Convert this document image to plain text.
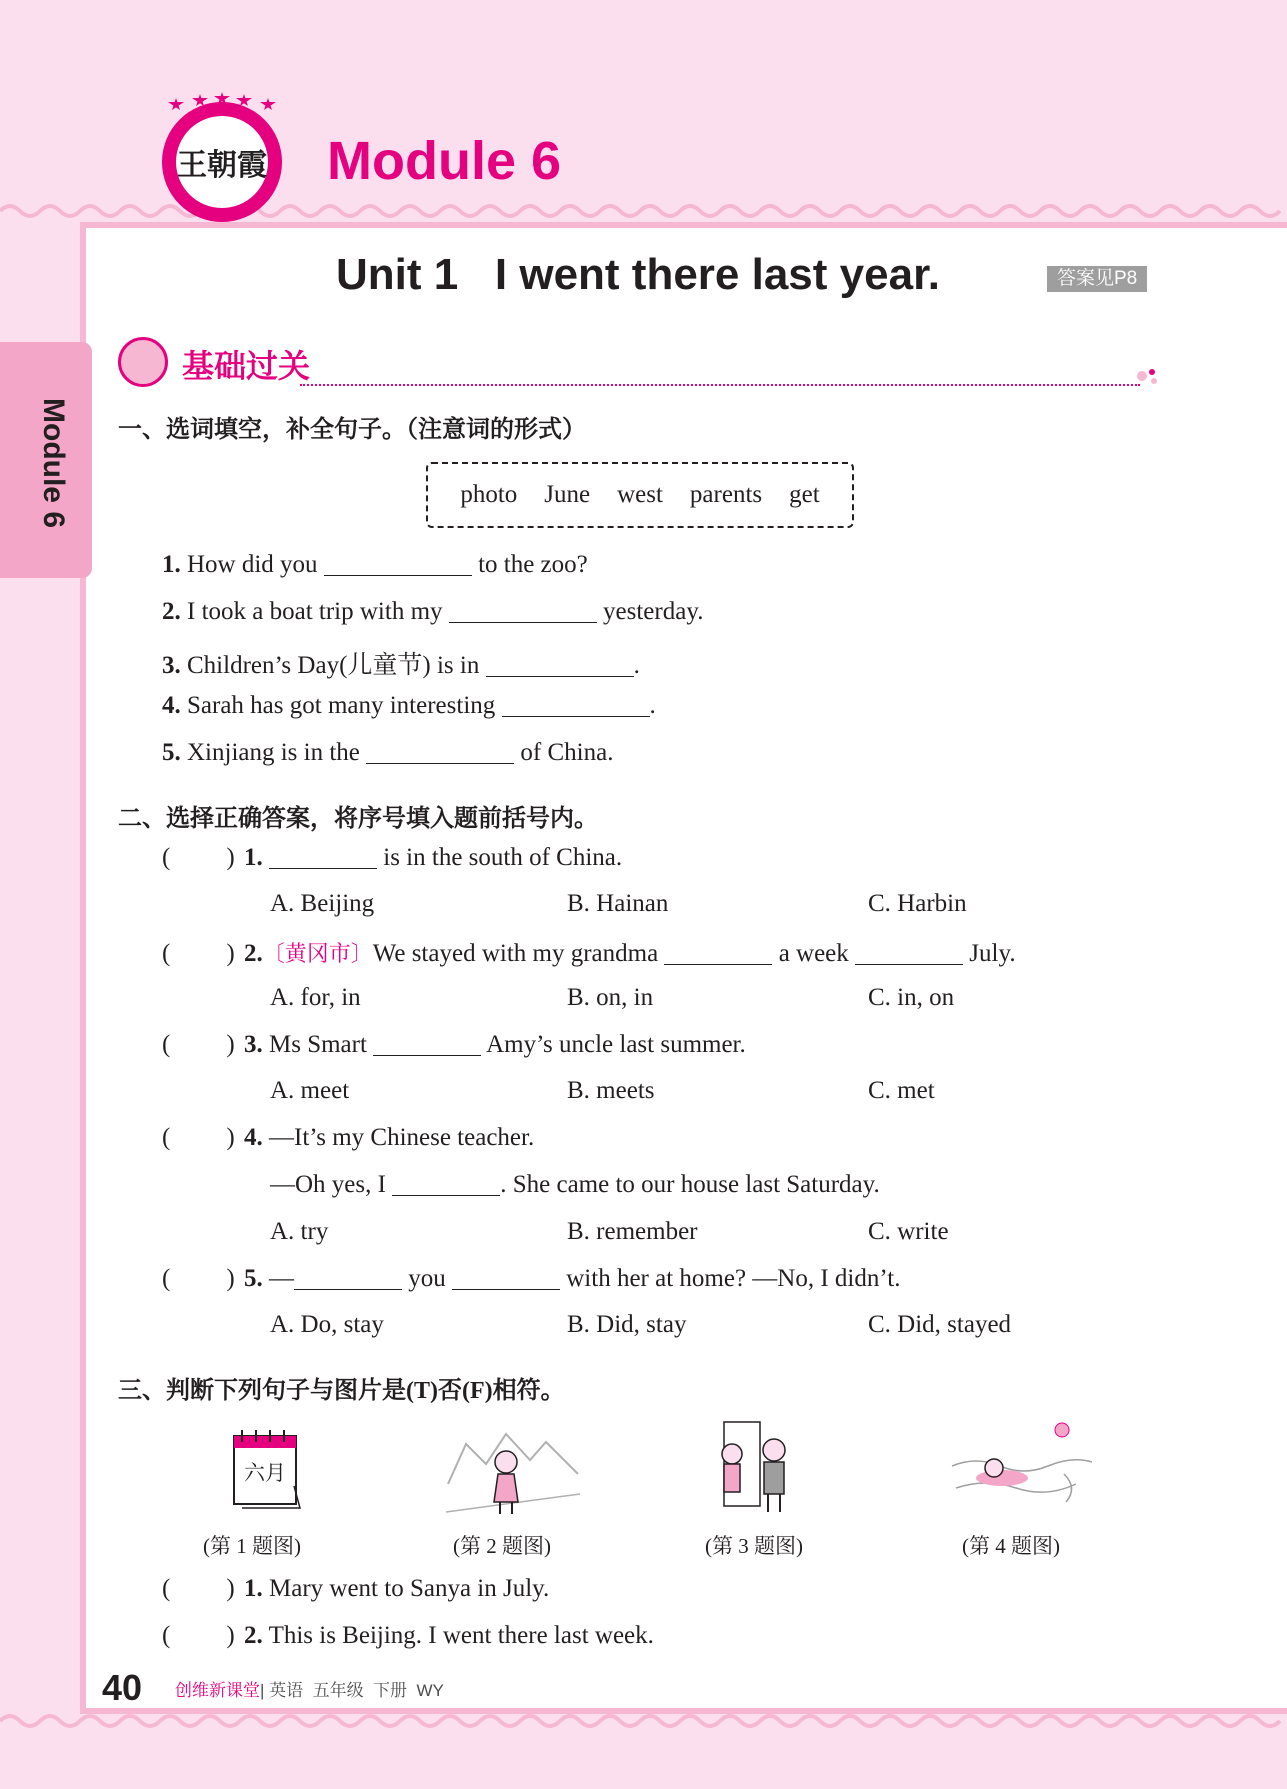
Module 6
王朝霞 Module 6
Unit 1   I went there last year.	答案见P8
基础过关
一、选词填空，补全句子。（注意词的形式）
photo June west parents get
1. How did you	to the zoo?
2. I took a boat trip with my	yesterday.
3. Children’s Day(儿童节) is in	.
4. Sarah has got many interesting	.
5. Xinjiang is in the	of China.
二、选择正确答案，将序号填入题前括号内。
( ) 1.	is in the south of China.
A. Beijing	B. Hainan	C. Harbin
( ) 2.〔黄冈市〕We stayed with my grandma	a week	July.
A. for, in	B. on, in	C. in, on
( ) 3. Ms Smart	Amy’s uncle last summer.
A. meet	B. meets	C. met
( ) 4. —It’s my Chinese teacher.
—Oh yes, I	. She came to our house last Saturday.
A. try	B. remember	C. write
( ) 5. —	you	with her at home? —No, I didn’t.
A. Do, stay	B. Did, stay	C. Did, stayed
三、判断下列句子与图片是(T)否(F)相符。
六月
(第 1 题图)	(第 2 题图)	(第 3 题图)	(第 4 题图)
( ) 1. Mary went to Sanya in July.
( ) 2. This is Beijing. I went there last week.
40 创维新课堂| 英语  五年级  下册  WY
